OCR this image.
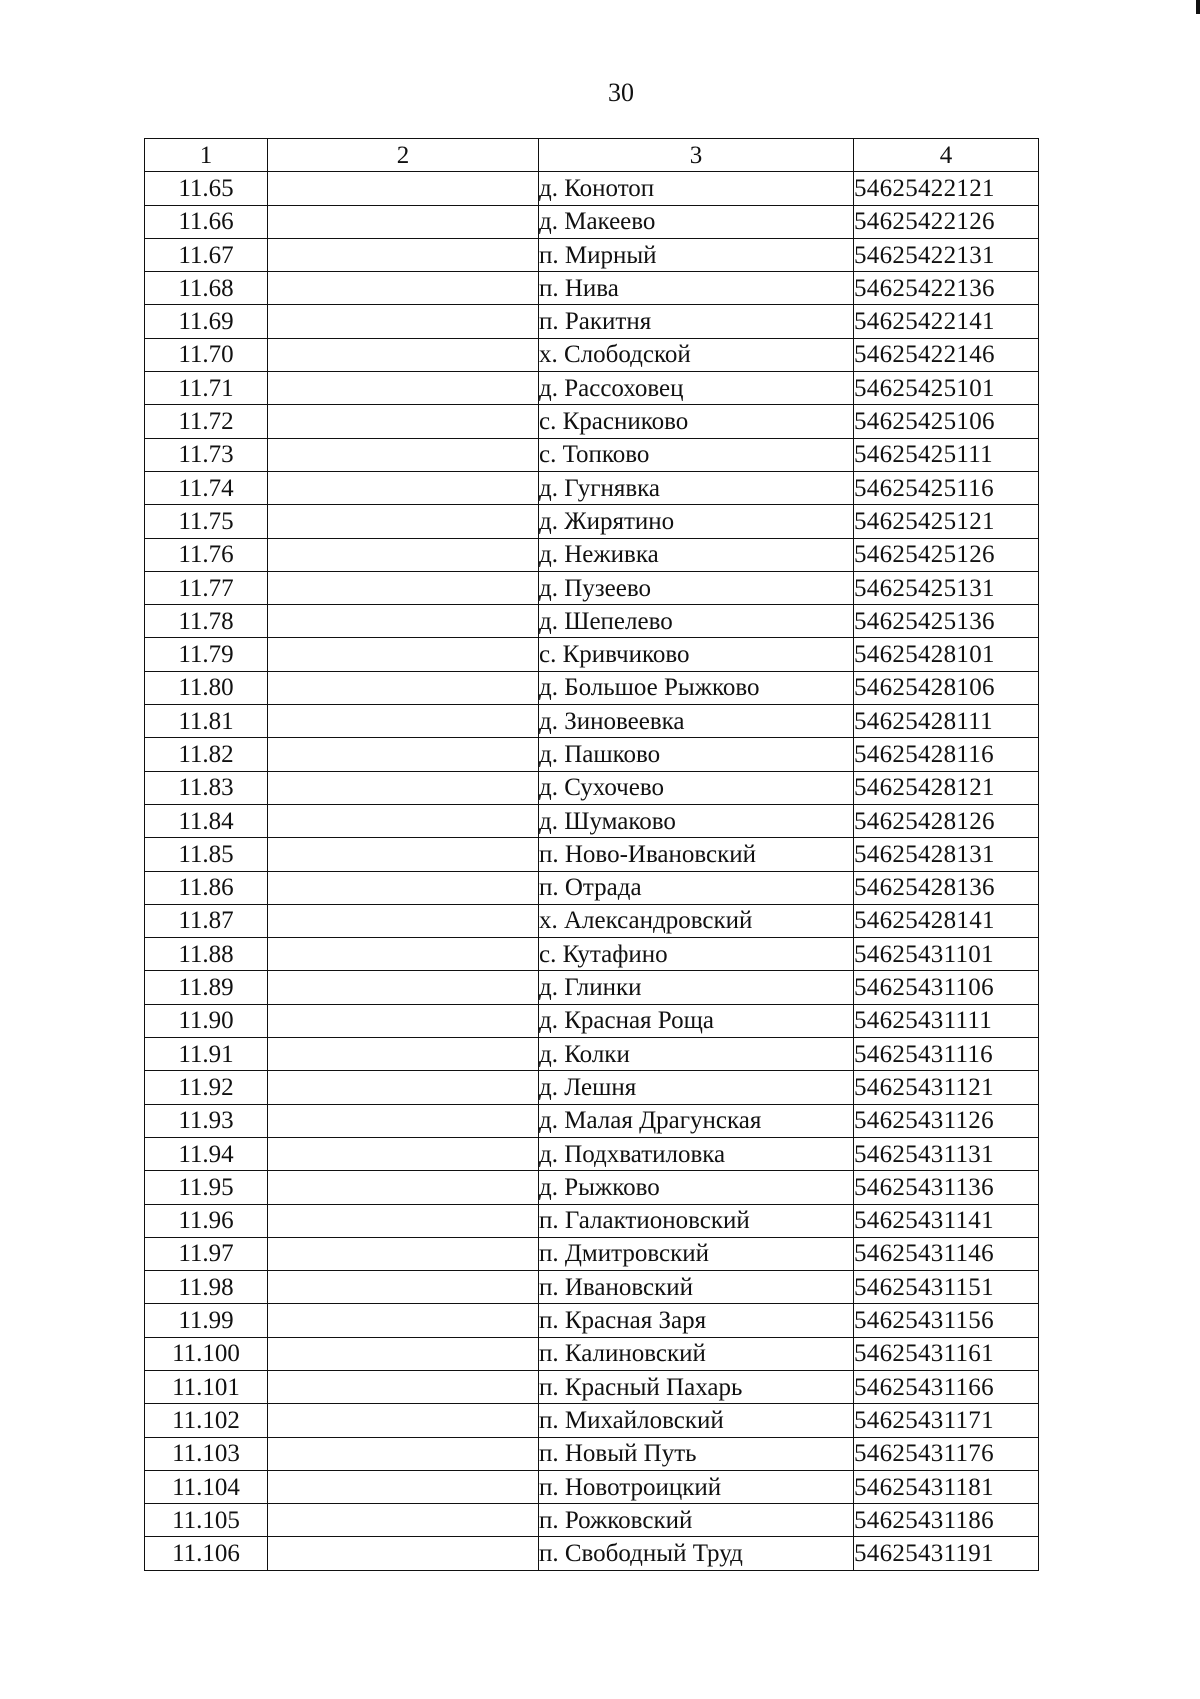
30
1	2	3	4
11.65		д. Конотоп	54625422121
11.66		д. Макеево	54625422126
11.67		п. Мирный	54625422131
11.68		п. Нива	54625422136
11.69		п. Ракитня	54625422141
11.70		х. Слободской	54625422146
11.71		д. Рассоховец	54625425101
11.72		с. Красниково	54625425106
11.73		с. Топково	54625425111
11.74		д. Гугнявка	54625425116
11.75		д. Жирятино	54625425121
11.76		д. Неживка	54625425126
11.77		д. Пузеево	54625425131
11.78		д. Шепелево	54625425136
11.79		с. Кривчиково	54625428101
11.80		д. Большое Рыжково	54625428106
11.81		д. Зиновеевка	54625428111
11.82		д. Пашково	54625428116
11.83		д. Сухочево	54625428121
11.84		д. Шумаково	54625428126
11.85		п. Ново-Ивановский	54625428131
11.86		п. Отрада	54625428136
11.87		х. Александровский	54625428141
11.88		с. Кутафино	54625431101
11.89		д. Глинки	54625431106
11.90		д. Красная Роща	54625431111
11.91		д. Колки	54625431116
11.92		д. Лешня	54625431121
11.93		д. Малая Драгунская	54625431126
11.94		д. Подхватиловка	54625431131
11.95		д. Рыжково	54625431136
11.96		п. Галактионовский	54625431141
11.97		п. Дмитровский	54625431146
11.98		п. Ивановский	54625431151
11.99		п. Красная Заря	54625431156
11.100		п. Калиновский	54625431161
11.101		п. Красный Пахарь	54625431166
11.102		п. Михайловский	54625431171
11.103		п. Новый Путь	54625431176
11.104		п. Новотроицкий	54625431181
11.105		п. Рожковский	54625431186
11.106		п. Свободный Труд	54625431191
